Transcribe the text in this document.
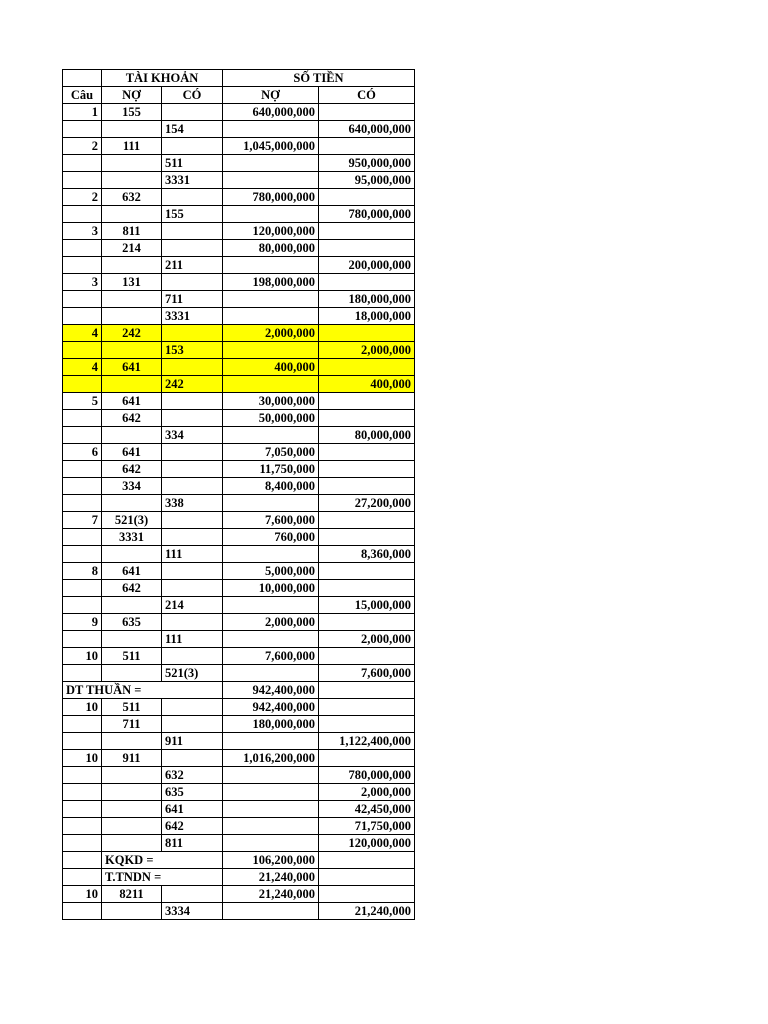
	TÀI KHOẢN		SỐ TIỀN	
Câu	NỢ	CÓ	NỢ	CÓ
1	155		640,000,000	
		154		640,000,000
2	111		1,045,000,000	
		511		950,000,000
		3331		95,000,000
2	632		780,000,000	
		155		780,000,000
3	811		120,000,000	
	214		80,000,000	
		211		200,000,000
3	131		198,000,000	
		711		180,000,000
		3331		18,000,000
4	242		2,000,000	
		153		2,000,000
4	641		400,000	
		242		400,000
5	641		30,000,000	
	642		50,000,000	
		334		80,000,000
6	641		7,050,000	
	642		11,750,000	
	334		8,400,000	
		338		27,200,000
7	521(3)		7,600,000	
	3331		760,000	
		111		8,360,000
8	641		5,000,000	
	642		10,000,000	
		214		15,000,000
9	635		2,000,000	
		111		2,000,000
10	511		7,600,000	
		521(3)		7,600,000
DT THUẦN =			942,400,000	
10	511		942,400,000	
	711		180,000,000	
		911		1,122,400,000
10	911		1,016,200,000	
		632		780,000,000
		635		2,000,000
		641		42,450,000
		642		71,750,000
		811		120,000,000
	KQKD =		106,200,000	
	T.TNDN =		21,240,000	
10	8211		21,240,000	
		3334		21,240,000
